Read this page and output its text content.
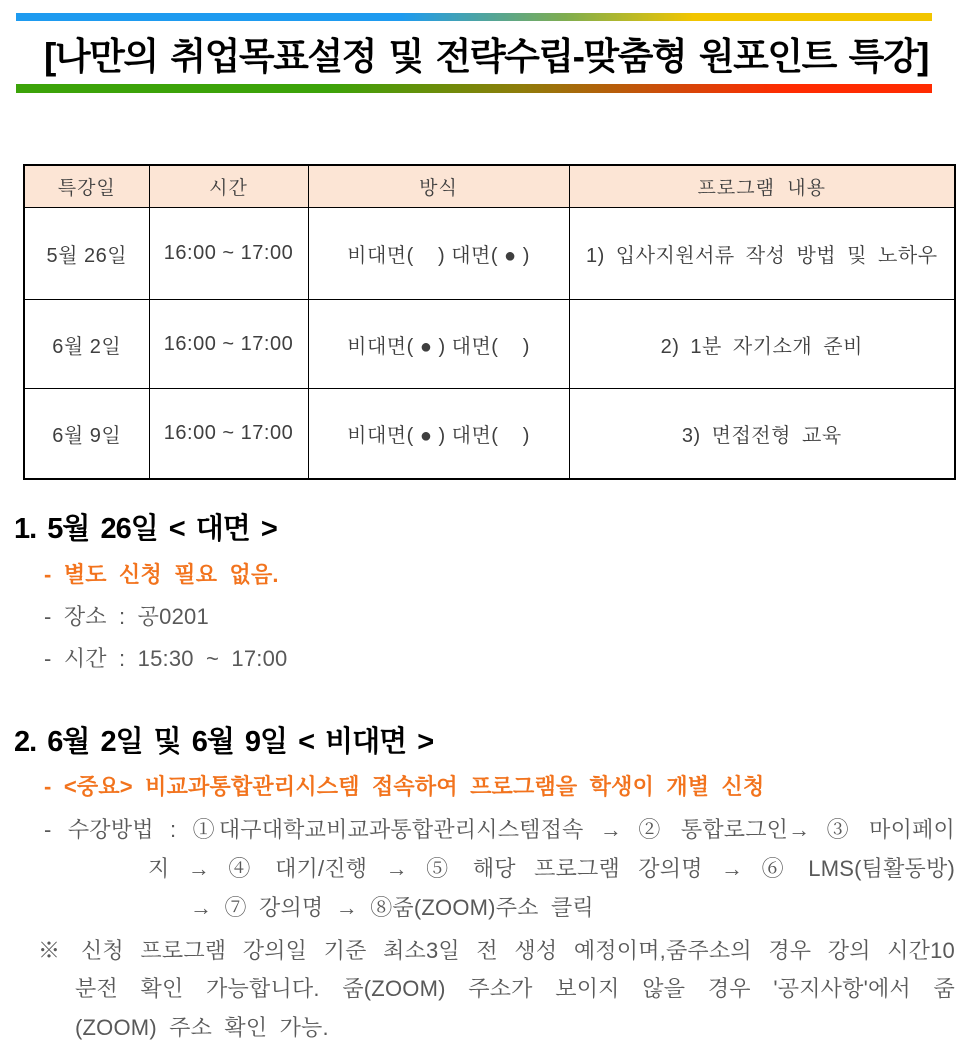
[나만의 취업목표설정 및 전략수립-맞춤형 원포인트 특강]
특강일	시간	방식	프로그램 내용
5월 26일	16:00 ~ 17:00	비대면(    ) 대면( ● )	1) 입사지원서류 작성 방법 및 노하우
6월 2일	16:00 ~ 17:00	비대면( ● ) 대면(    )	2) 1분 자기소개 준비
6월 9일	16:00 ~ 17:00	비대면( ● ) 대면(    )	3) 면접전형 교육
1. 5월 26일 < 대면 >
- 별도 신청 필요 없음.
- 장소 : 공0201
- 시간 : 15:30 ~ 17:00
2. 6월 2일 및 6월 9일 < 비대면 >
- <중요> 비교과통합관리시스템 접속하여 프로그램을 학생이 개별 신청
- 수강방법 : ①대구대학교비교과통합관리시스템접속 → ② 통합로그인→ ③ 마이페이
지 → ④ 대기/진행 → ⑤ 해당 프로그램 강의명 → ⑥ LMS(팀활동방)
→ ⑦ 강의명 → ⑧줌(ZOOM)주소 클릭
※ 신청 프로그램 강의일 기준 최소3일 전 생성 예정이며,줌주소의 경우 강의 시간10
분전 확인 가능합니다. 줌(ZOOM) 주소가 보이지 않을 경우 '공지사항'에서 줌
(ZOOM) 주소 확인 가능.
